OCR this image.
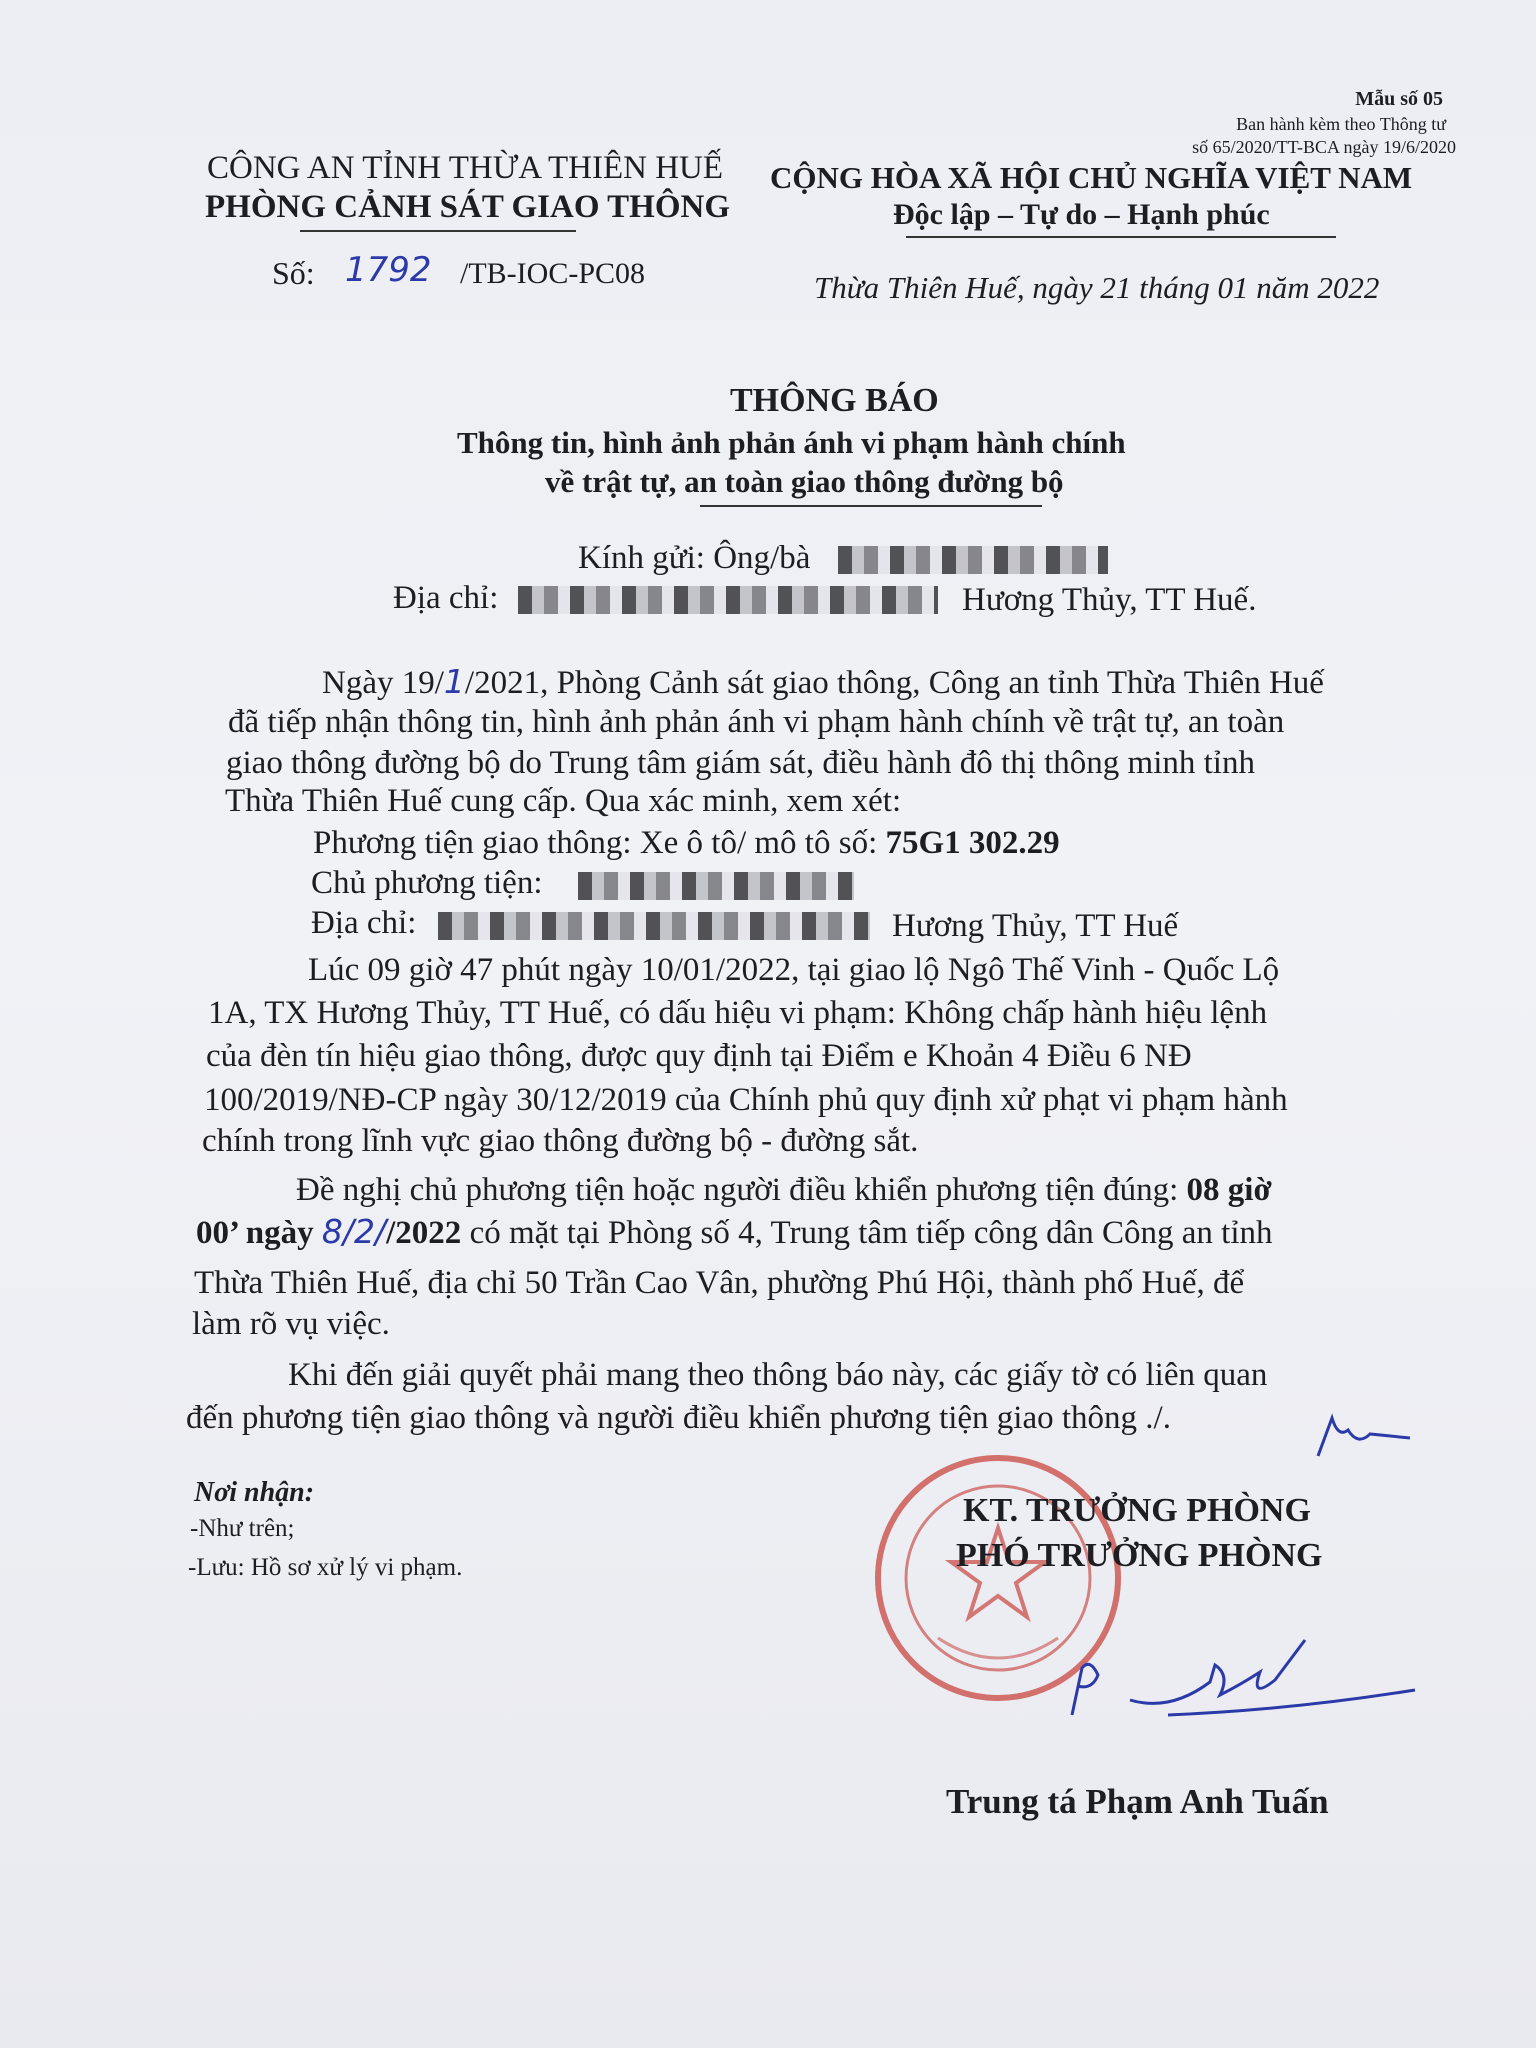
Mẫu số 05
Ban hành kèm theo Thông tư
số 65/2020/TT-BCA ngày 19/6/2020
CÔNG AN TỈNH THỪA THIÊN HUẾ
PHÒNG CẢNH SÁT GIAO THÔNG
CỘNG HÒA XÃ HỘI CHỦ NGHĨA VIỆT NAM
Độc lập – Tự do – Hạnh phúc
Số: 1792 /TB-IOC-PC08	Thừa Thiên Huế, ngày 21 tháng 01 năm 2022
THÔNG BÁO
Thông tin, hình ảnh phản ánh vi phạm hành chính
về trật tự, an toàn giao thông đường bộ
Kính gửi: Ông/bà
Địa chỉ:	Hương Thủy, TT Huế.
Ngày 19/1/2021, Phòng Cảnh sát giao thông, Công an tỉnh Thừa Thiên Huế
đã tiếp nhận thông tin, hình ảnh phản ánh vi phạm hành chính về trật tự, an toàn
giao thông đường bộ do Trung tâm giám sát, điều hành đô thị thông minh tỉnh
Thừa Thiên Huế cung cấp. Qua xác minh, xem xét:
Phương tiện giao thông: Xe ô tô/ mô tô số: 75G1 302.29
Chủ phương tiện:
Địa chỉ:	Hương Thủy, TT Huế
Lúc 09 giờ 47 phút ngày 10/01/2022, tại giao lộ Ngô Thế Vinh - Quốc Lộ
1A, TX Hương Thủy, TT Huế, có dấu hiệu vi phạm: Không chấp hành hiệu lệnh
của đèn tín hiệu giao thông, được quy định tại Điểm e Khoản 4 Điều 6 NĐ
100/2019/NĐ-CP ngày 30/12/2019 của Chính phủ quy định xử phạt vi phạm hành
chính trong lĩnh vực giao thông đường bộ - đường sắt.
Đề nghị chủ phương tiện hoặc người điều khiển phương tiện đúng: 08 giờ
00’ ngày 8/2//2022 có mặt tại Phòng số 4, Trung tâm tiếp công dân Công an tỉnh
Thừa Thiên Huế, địa chỉ 50 Trần Cao Vân, phường Phú Hội, thành phố Huế, để
làm rõ vụ việc.
Khi đến giải quyết phải mang theo thông báo này, các giấy tờ có liên quan
đến phương tiện giao thông và người điều khiển phương tiện giao thông ./.
Nơi nhận:
-Như trên;
-Lưu: Hồ sơ xử lý vi phạm.
KT. TRƯỞNG PHÒNG
PHÓ TRƯỞNG PHÒNG
Trung tá Phạm Anh Tuấn
